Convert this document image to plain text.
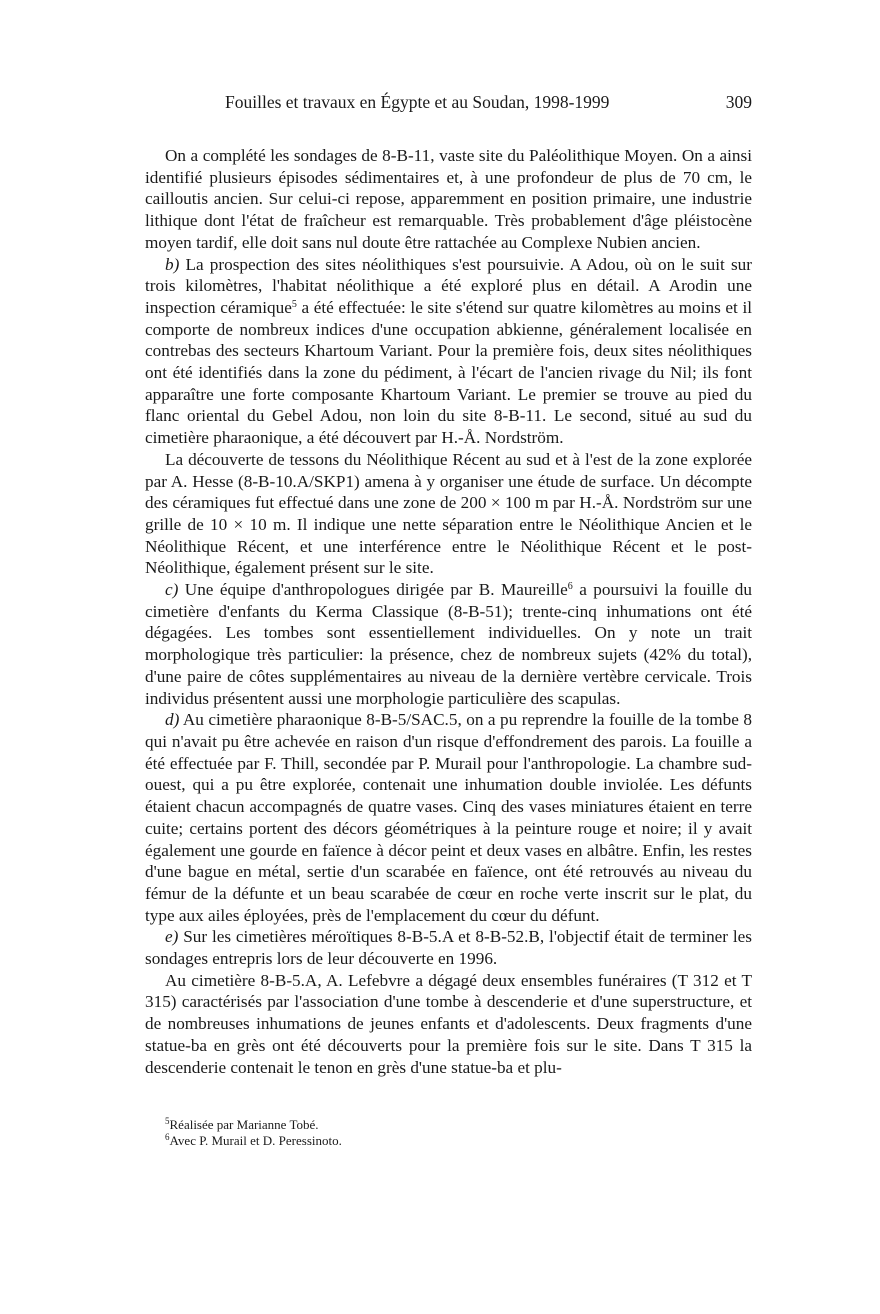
Fouilles et travaux en Égypte et au Soudan, 1998-1999	309

On a complété les sondages de 8-B-11, vaste site du Paléolithique Moyen. On a ainsi identifié plusieurs épisodes sédimentaires et, à une profondeur de plus de 70 cm, le cailloutis ancien. Sur celui-ci repose, apparemment en position primaire, une industrie lithique dont l'état de fraîcheur est remarquable. Très probablement d'âge pléistocène moyen tardif, elle doit sans nul doute être rattachée au Complexe Nubien ancien.

b) La prospection des sites néolithiques s'est poursuivie. A Adou, où on le suit sur trois kilomètres, l'habitat néolithique a été exploré plus en détail. A Arodin une inspection céramique$^5$ a été effectuée: le site s'étend sur quatre kilomètres au moins et il comporte de nombreux indices d'une occupation abkienne, généralement localisée en contrebas des secteurs Khartoum Variant. Pour la première fois, deux sites néolithiques ont été identifiés dans la zone du pédiment, à l'écart de l'ancien rivage du Nil; ils font apparaître une forte composante Khartoum Variant. Le premier se trouve au pied du flanc oriental du Gebel Adou, non loin du site 8-B-11. Le second, situé au sud du cimetière pharaonique, a été découvert par H.-Å. Nordström.

La découverte de tessons du Néolithique Récent au sud et à l'est de la zone explorée par A. Hesse (8-B-10.A/SKP1) amena à y organiser une étude de surface. Un décompte des céramiques fut effectué dans une zone de 200 × 100 m par H.-Å. Nordström sur une grille de 10 × 10 m. Il indique une nette séparation entre le Néolithique Ancien et le Néolithique Récent, et une interférence entre le Néolithique Récent et le post-Néolithique, également présent sur le site.

c) Une équipe d'anthropologues dirigée par B. Maureille$^6$ a poursuivi la fouille du cimetière d'enfants du Kerma Classique (8-B-51); trente-cinq inhumations ont été dégagées. Les tombes sont essentiellement individuelles. On y note un trait morphologique très particulier: la présence, chez de nombreux sujets (42% du total), d'une paire de côtes supplémentaires au niveau de la dernière vertèbre cervicale. Trois individus présentent aussi une morphologie particulière des scapulas.

d) Au cimetière pharaonique 8-B-5/SAC.5, on a pu reprendre la fouille de la tombe 8 qui n'avait pu être achevée en raison d'un risque d'effondrement des parois. La fouille a été effectuée par F. Thill, secondée par P. Murail pour l'anthropologie. La chambre sud-ouest, qui a pu être explorée, contenait une inhumation double inviolée. Les défunts étaient chacun accompagnés de quatre vases. Cinq des vases miniatures étaient en terre cuite; certains portent des décors géométriques à la peinture rouge et noire; il y avait également une gourde en faïence à décor peint et deux vases en albâtre. Enfin, les restes d'une bague en métal, sertie d'un scarabée en faïence, ont été retrouvés au niveau du fémur de la défunte et un beau scarabée de cœur en roche verte inscrit sur le plat, du type aux ailes éployées, près de l'emplacement du cœur du défunt.

e) Sur les cimetières méroïtiques 8-B-5.A et 8-B-52.B, l'objectif était de terminer les sondages entrepris lors de leur découverte en 1996.

Au cimetière 8-B-5.A, A. Lefebvre a dégagé deux ensembles funéraires (T 312 et T 315) caractérisés par l'association d'une tombe à descenderie et d'une superstructure, et de nombreuses inhumations de jeunes enfants et d'adolescents. Deux fragments d'une statue-ba en grès ont été découverts pour la première fois sur le site. Dans T 315 la descenderie contenait le tenon en grès d'une statue-ba et plu-

$^5$Réalisée par Marianne Tobé.
$^6$Avec P. Murail et D. Peressinoto.
